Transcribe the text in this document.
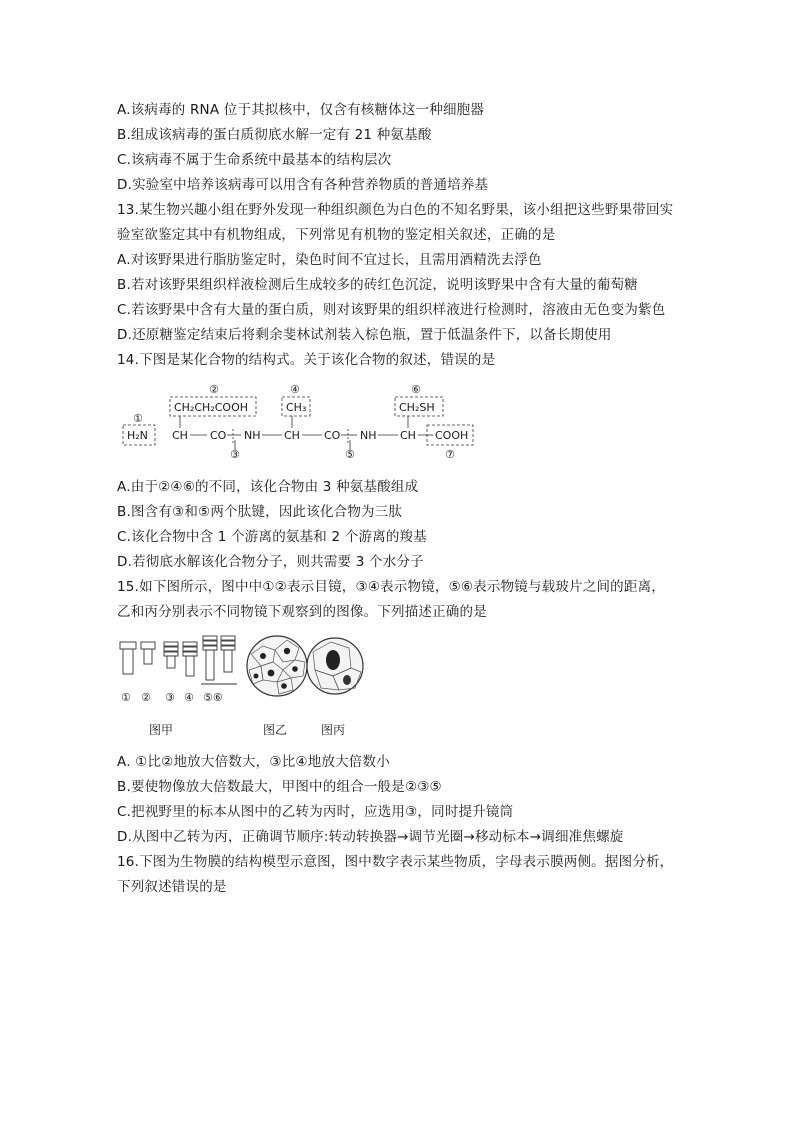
A.该病毒的 RNA 位于其拟核中，仅含有核糖体这一种细胞器
B.组成该病毒的蛋白质彻底水解一定有 21 种氨基酸
C.该病毒不属于生命系统中最基本的结构层次
D.实验室中培养该病毒可以用含有各种营养物质的普通培养基
13.某生物兴趣小组在野外发现一种组织颜色为白色的不知名野果，该小组把这些野果带回实
验室欲鉴定其中有机物组成，下列常见有机物的鉴定相关叙述，正确的是
A.对该野果进行脂肪鉴定时，染色时间不宜过长，且需用酒精洗去浮色
B.若对该野果组织样液检测后生成较多的砖红色沉淀，说明该野果中含有大量的葡萄糖
C.若该野果中含有大量的蛋白质，则对该野果的组织样液进行检测时，溶液由无色变为紫色
D.还原糖鉴定结束后将剩余斐林试剂装入棕色瓶，置于低温条件下，以备长期使用
14.下图是某化合物的结构式。关于该化合物的叙述，错误的是
①
H₂N CH
②
CH₂CH₂COOH
CO
③
NH CH
④
CH₃
CO
⑤
NH CH
⑥
CH₂SH
COOH
⑦
A.由于②④⑥的不同，该化合物由 3 种氨基酸组成
B.图含有③和⑤两个肽键，因此该化合物为三肽
C.该化合物中含 1 个游离的氨基和 2 个游离的羧基
D.若彻底水解该化合物分子，则共需要 3 个水分子
15.如下图所示，图中中①②表示目镜，③④表示物镜，⑤⑥表示物镜与载玻片之间的距离，
乙和丙分别表示不同物镜下观察到的图像。下列描述正确的是
① ② ③ ④ ⑤⑥
图甲	图乙	图丙
A. ①比②地放大倍数大，③比④地放大倍数小
B.要使物像放大倍数最大，甲图中的组合一般是②③⑤
C.把视野里的标本从图中的乙转为丙时，应选用③，同时提升镜筒
D.从图中乙转为丙，正确调节顺序:转动转换器→调节光圈→移动标本→调细准焦螺旋
16.下图为生物膜的结构模型示意图，图中数字表示某些物质，字母表示膜两侧。据图分析，
下列叙述错误的是
